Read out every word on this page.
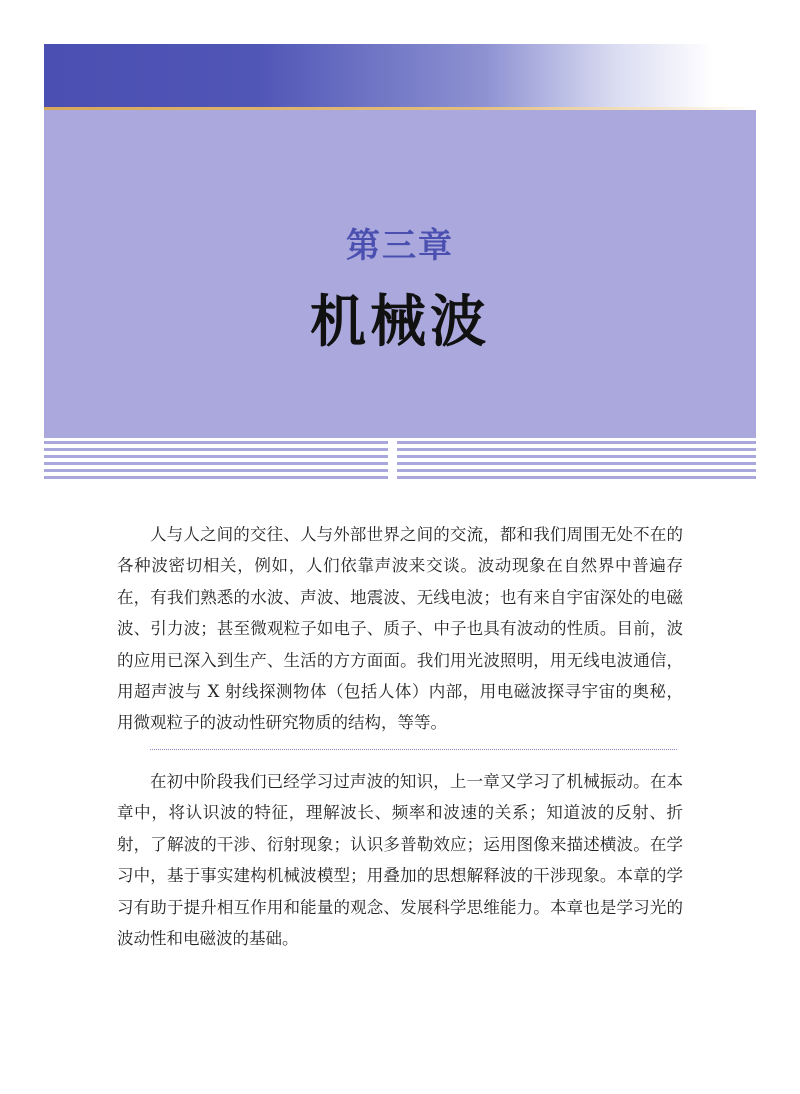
第三章
机械波

人与人之间的交往、人与外部世界之间的交流，都和我们周围无处不在的各种波密切相关，例如，人们依靠声波来交谈。波动现象在自然界中普遍存在，有我们熟悉的水波、声波、地震波、无线电波；也有来自宇宙深处的电磁波、引力波；甚至微观粒子如电子、质子、中子也具有波动的性质。目前，波的应用已深入到生产、生活的方方面面。我们用光波照明，用无线电波通信，用超声波与 X 射线探测物体（包括人体）内部，用电磁波探寻宇宙的奥秘，用微观粒子的波动性研究物质的结构，等等。

在初中阶段我们已经学习过声波的知识，上一章又学习了机械振动。在本章中，将认识波的特征，理解波长、频率和波速的关系；知道波的反射、折射，了解波的干涉、衍射现象；认识多普勒效应；运用图像来描述横波。在学习中，基于事实建构机械波模型；用叠加的思想解释波的干涉现象。本章的学习有助于提升相互作用和能量的观念、发展科学思维能力。本章也是学习光的波动性和电磁波的基础。
